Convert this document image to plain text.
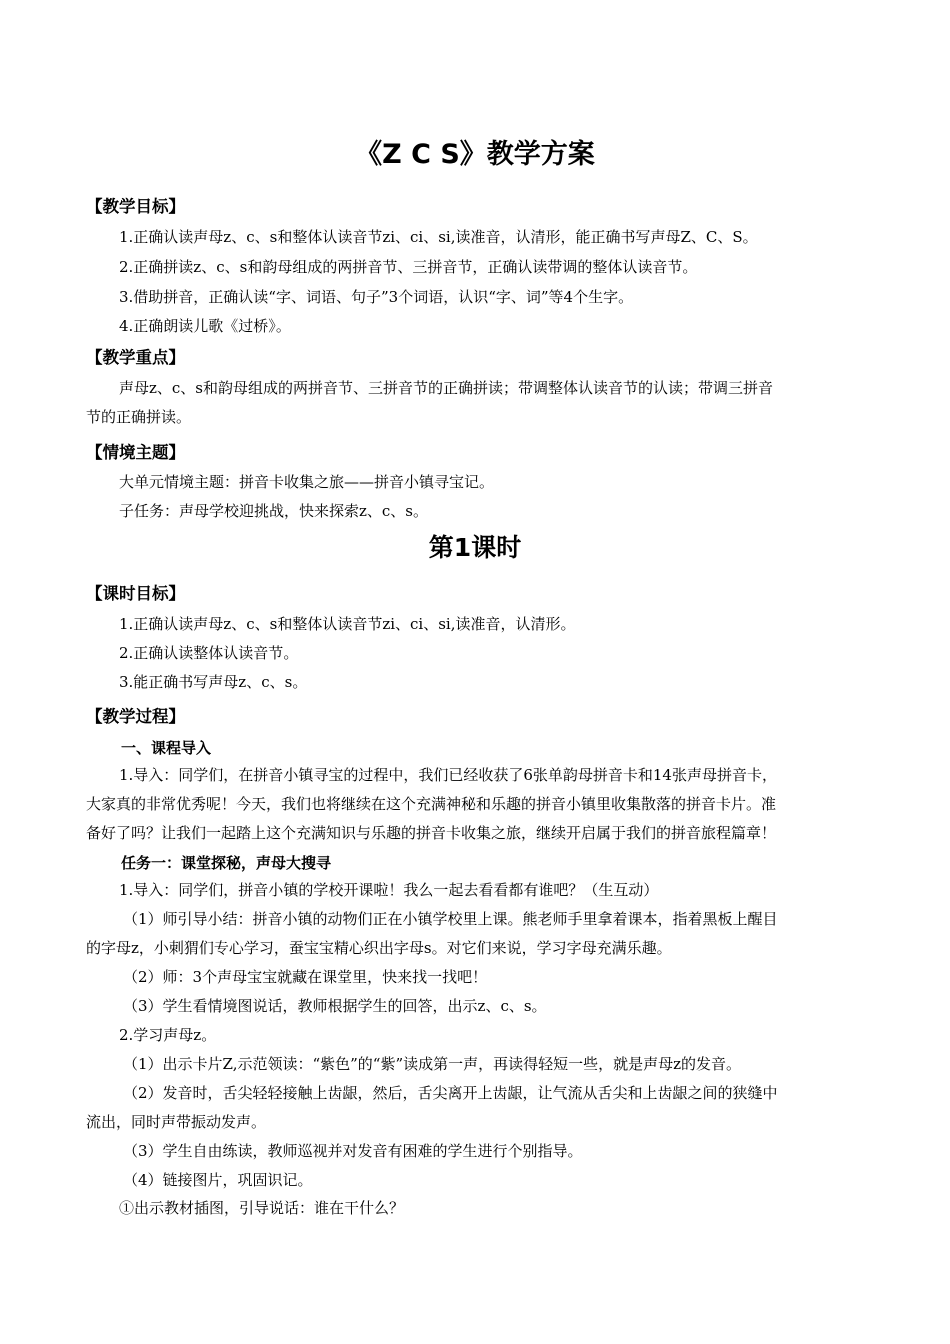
《Z C S》教学方案
【教学目标】
1.正确认读声母z、c、s和整体认读音节zi、ci、si,读准音，认清形，能正确书写声母Z、C、S。
2.正确拼读z、c、s和韵母组成的两拼音节、三拼音节，正确认读带调的整体认读音节。
3.借助拼音，正确认读“字、词语、句子”3个词语，认识“字、词”等4个生字。
4.正确朗读儿歌《过桥》。
【教学重点】
声母z、c、s和韵母组成的两拼音节、三拼音节的正确拼读；带调整体认读音节的认读；带调三拼音
节的正确拼读。
【情境主题】
大单元情境主题：拼音卡收集之旅——拼音小镇寻宝记。
子任务：声母学校迎挑战，快来探索z、c、s。
第1课时
【课时目标】
1.正确认读声母z、c、s和整体认读音节zi、ci、si,读准音，认清形。
2.正确认读整体认读音节。
3.能正确书写声母z、c、s。
【教学过程】
一、课程导入
1.导入：同学们，在拼音小镇寻宝的过程中，我们已经收获了6张单韵母拼音卡和14张声母拼音卡，
大家真的非常优秀呢！今天，我们也将继续在这个充满神秘和乐趣的拼音小镇里收集散落的拼音卡片。准
备好了吗？让我们一起踏上这个充满知识与乐趣的拼音卡收集之旅，继续开启属于我们的拼音旅程篇章！
任务一：课堂探秘，声母大搜寻
1.导入：同学们，拼音小镇的学校开课啦！我么一起去看看都有谁吧？（生互动）
（1）师引导小结：拼音小镇的动物们正在小镇学校里上课。熊老师手里拿着课本，指着黑板上醒目
的字母z，小刺猬们专心学习，蚕宝宝精心织出字母s。对它们来说，学习字母充满乐趣。
（2）师：3个声母宝宝就藏在课堂里，快来找一找吧！
（3）学生看情境图说话，教师根据学生的回答，出示z、c、s。
2.学习声母z。
（1）出示卡片Z,示范领读：“紫色”的“紫”读成第一声，再读得轻短一些，就是声母z的发音。
（2）发音时，舌尖轻轻接触上齿龈，然后，舌尖离开上齿龈，让气流从舌尖和上齿龈之间的狭缝中
流出，同时声带振动发声。
（3）学生自由练读，教师巡视并对发音有困难的学生进行个别指导。
（4）链接图片，巩固识记。
①出示教材插图，引导说话：谁在干什么？
